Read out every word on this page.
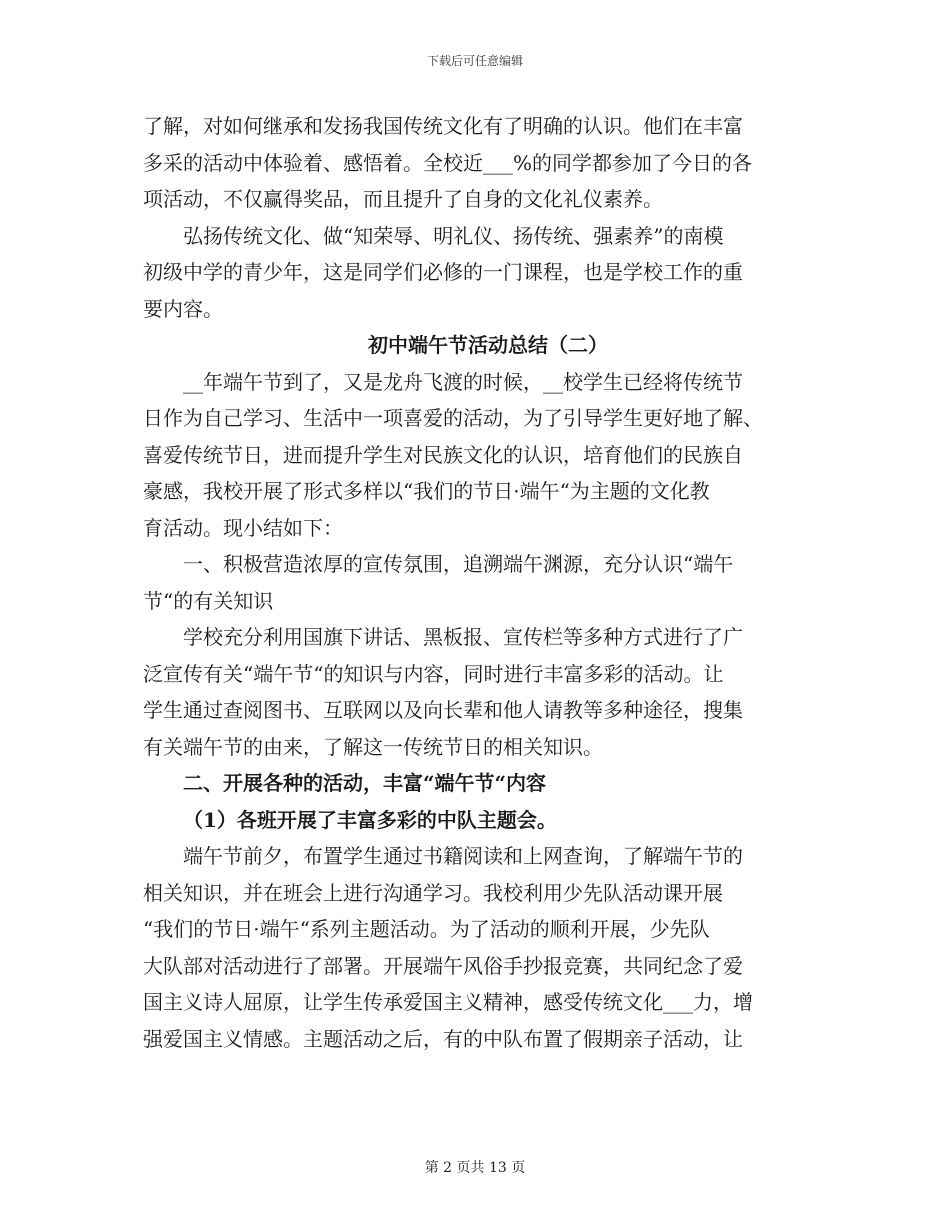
下载后可任意编辑
了解，对如何继承和发扬我国传统文化有了明确的认识。他们在丰富
多采的活动中体验着、感悟着。全校近___%的同学都参加了今日的各
项活动，不仅赢得奖品，而且提升了自身的文化礼仪素养。
弘扬传统文化、做“知荣辱、明礼仪、扬传统、强素养”的南模
初级中学的青少年，这是同学们必修的一门课程，也是学校工作的重
要内容。
初中端午节活动总结（二）
__年端午节到了，又是龙舟飞渡的时候，__校学生已经将传统节
日作为自己学习、生活中一项喜爱的活动，为了引导学生更好地了解、
喜爱传统节日，进而提升学生对民族文化的认识，培育他们的民族自
豪感，我校开展了形式多样以“我们的节日·端午“为主题的文化教
育活动。现小结如下：
一、积极营造浓厚的宣传氛围，追溯端午渊源，充分认识“端午
节“的有关知识
学校充分利用国旗下讲话、黑板报、宣传栏等多种方式进行了广
泛宣传有关“端午节“的知识与内容，同时进行丰富多彩的活动。让
学生通过查阅图书、互联网以及向长辈和他人请教等多种途径，搜集
有关端午节的由来，了解这一传统节日的相关知识。
二、开展各种的活动，丰富“端午节“内容
（1）各班开展了丰富多彩的中队主题会。
端午节前夕，布置学生通过书籍阅读和上网查询，了解端午节的
相关知识，并在班会上进行沟通学习。我校利用少先队活动课开展
“我们的节日·端午“系列主题活动。为了活动的顺利开展，少先队
大队部对活动进行了部署。开展端午风俗手抄报竞赛，共同纪念了爱
国主义诗人屈原，让学生传承爱国主义精神，感受传统文化___力，增
强爱国主义情感。主题活动之后，有的中队布置了假期亲子活动，让
第 2 页共 13 页
